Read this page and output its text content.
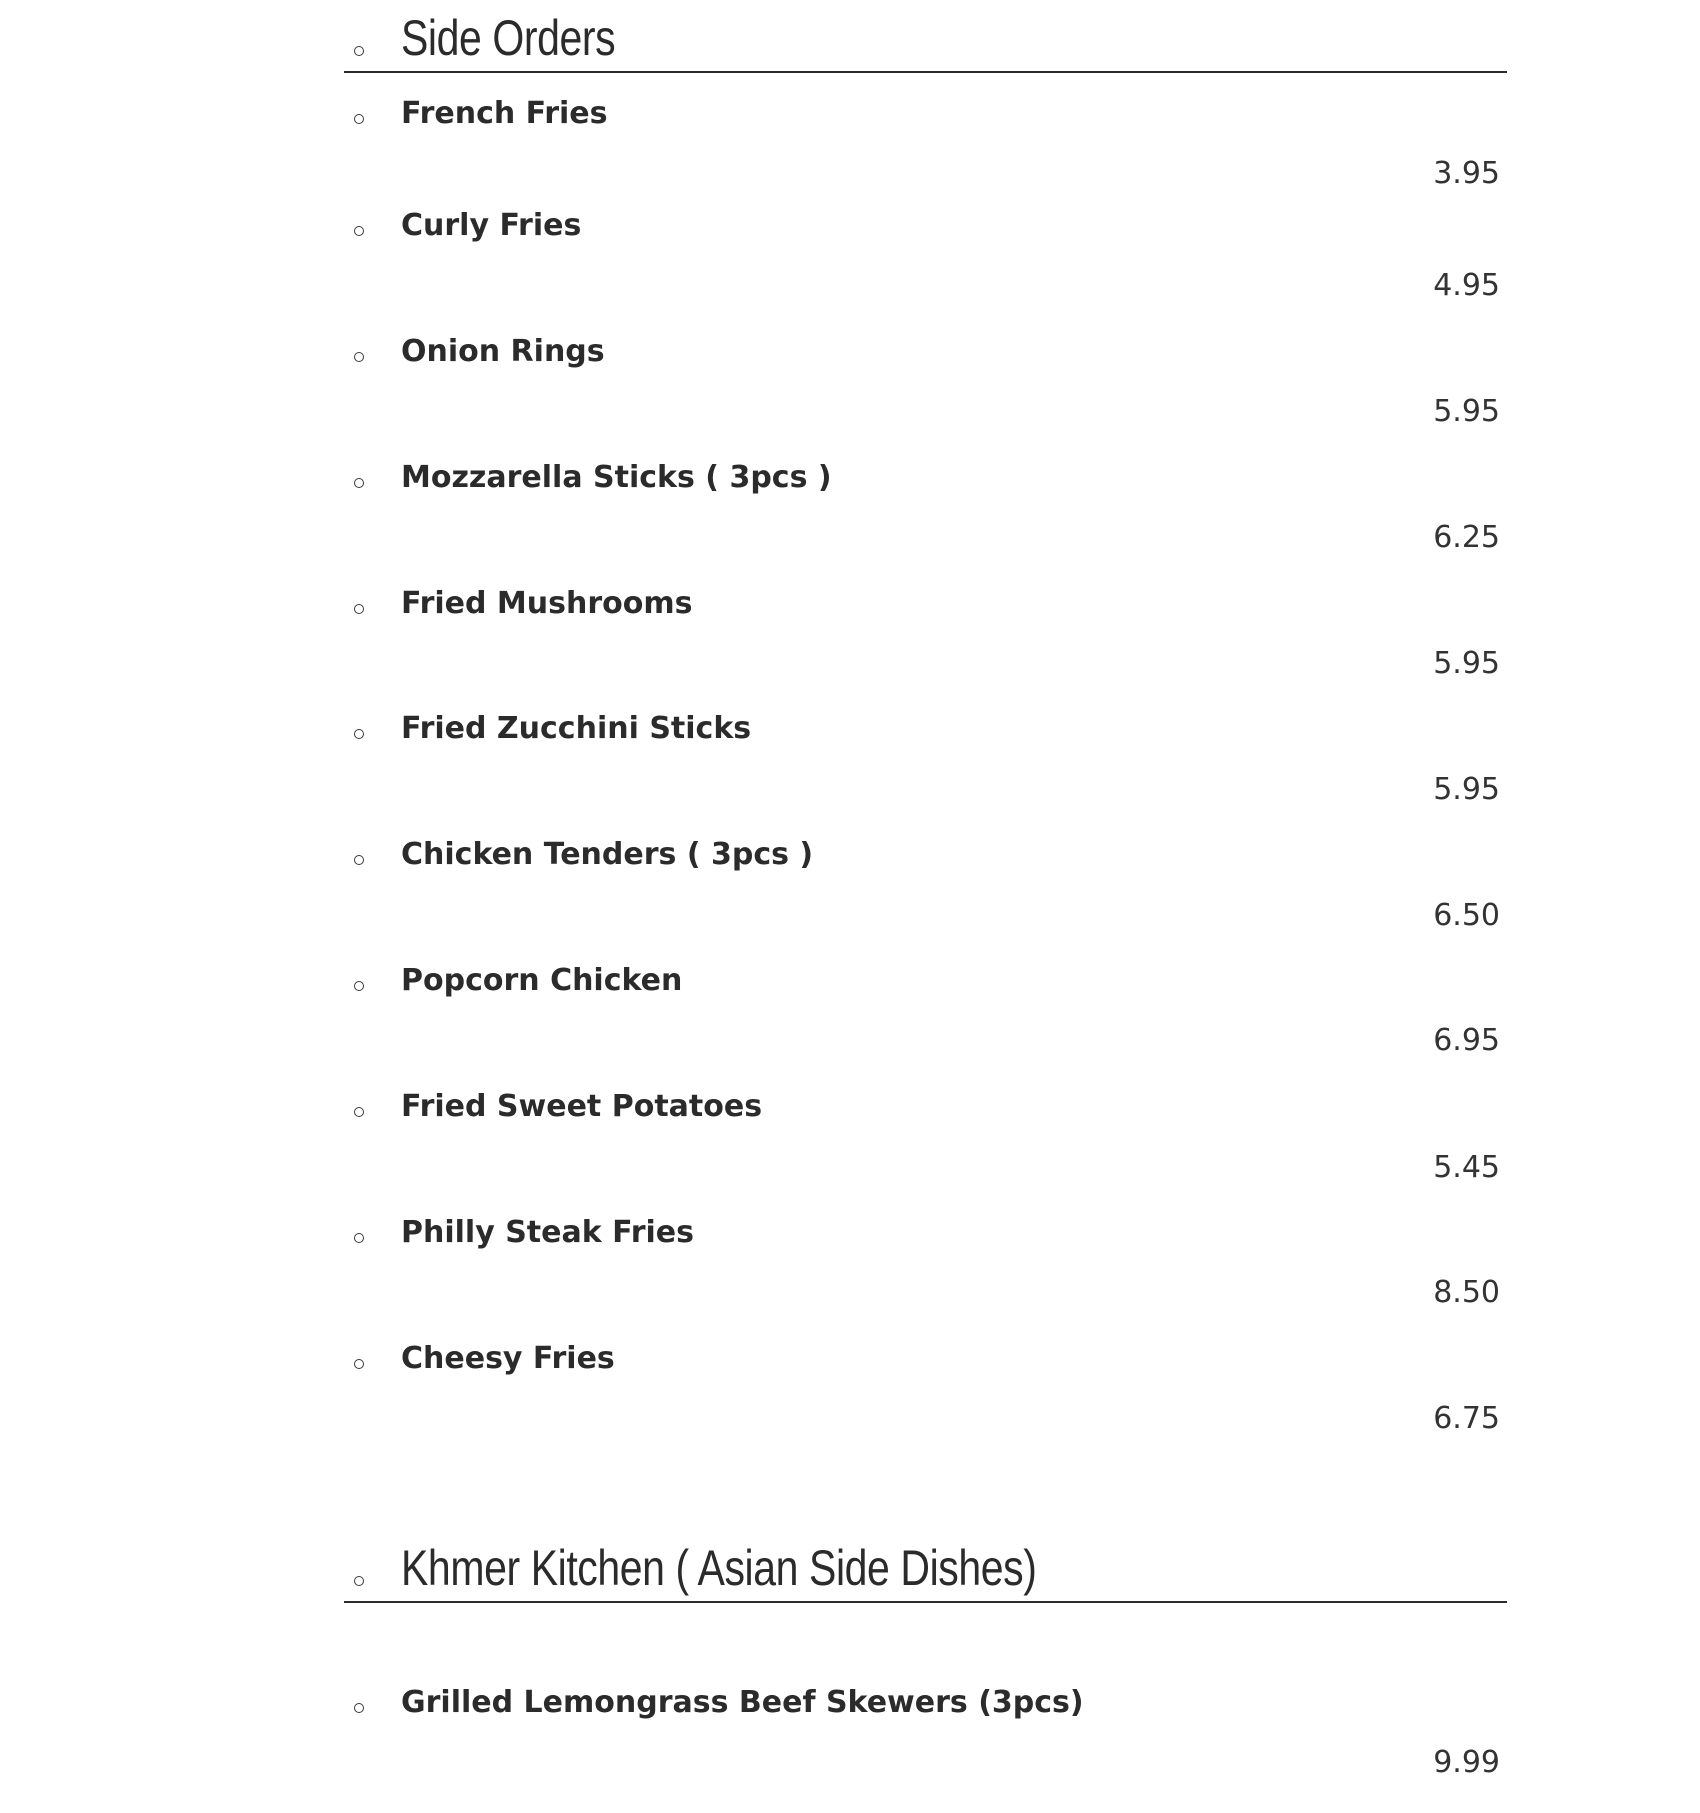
Side Orders
French Fries
3.95
Curly Fries
4.95
Onion Rings
5.95
Mozzarella Sticks ( 3pcs )
6.25
Fried Mushrooms
5.95
Fried Zucchini Sticks
5.95
Chicken Tenders ( 3pcs )
6.50
Popcorn Chicken
6.95
Fried Sweet Potatoes
5.45
Philly Steak Fries
8.50
Cheesy Fries
6.75
Khmer Kitchen ( Asian Side Dishes)
Grilled Lemongrass Beef Skewers (3pcs)
9.99
